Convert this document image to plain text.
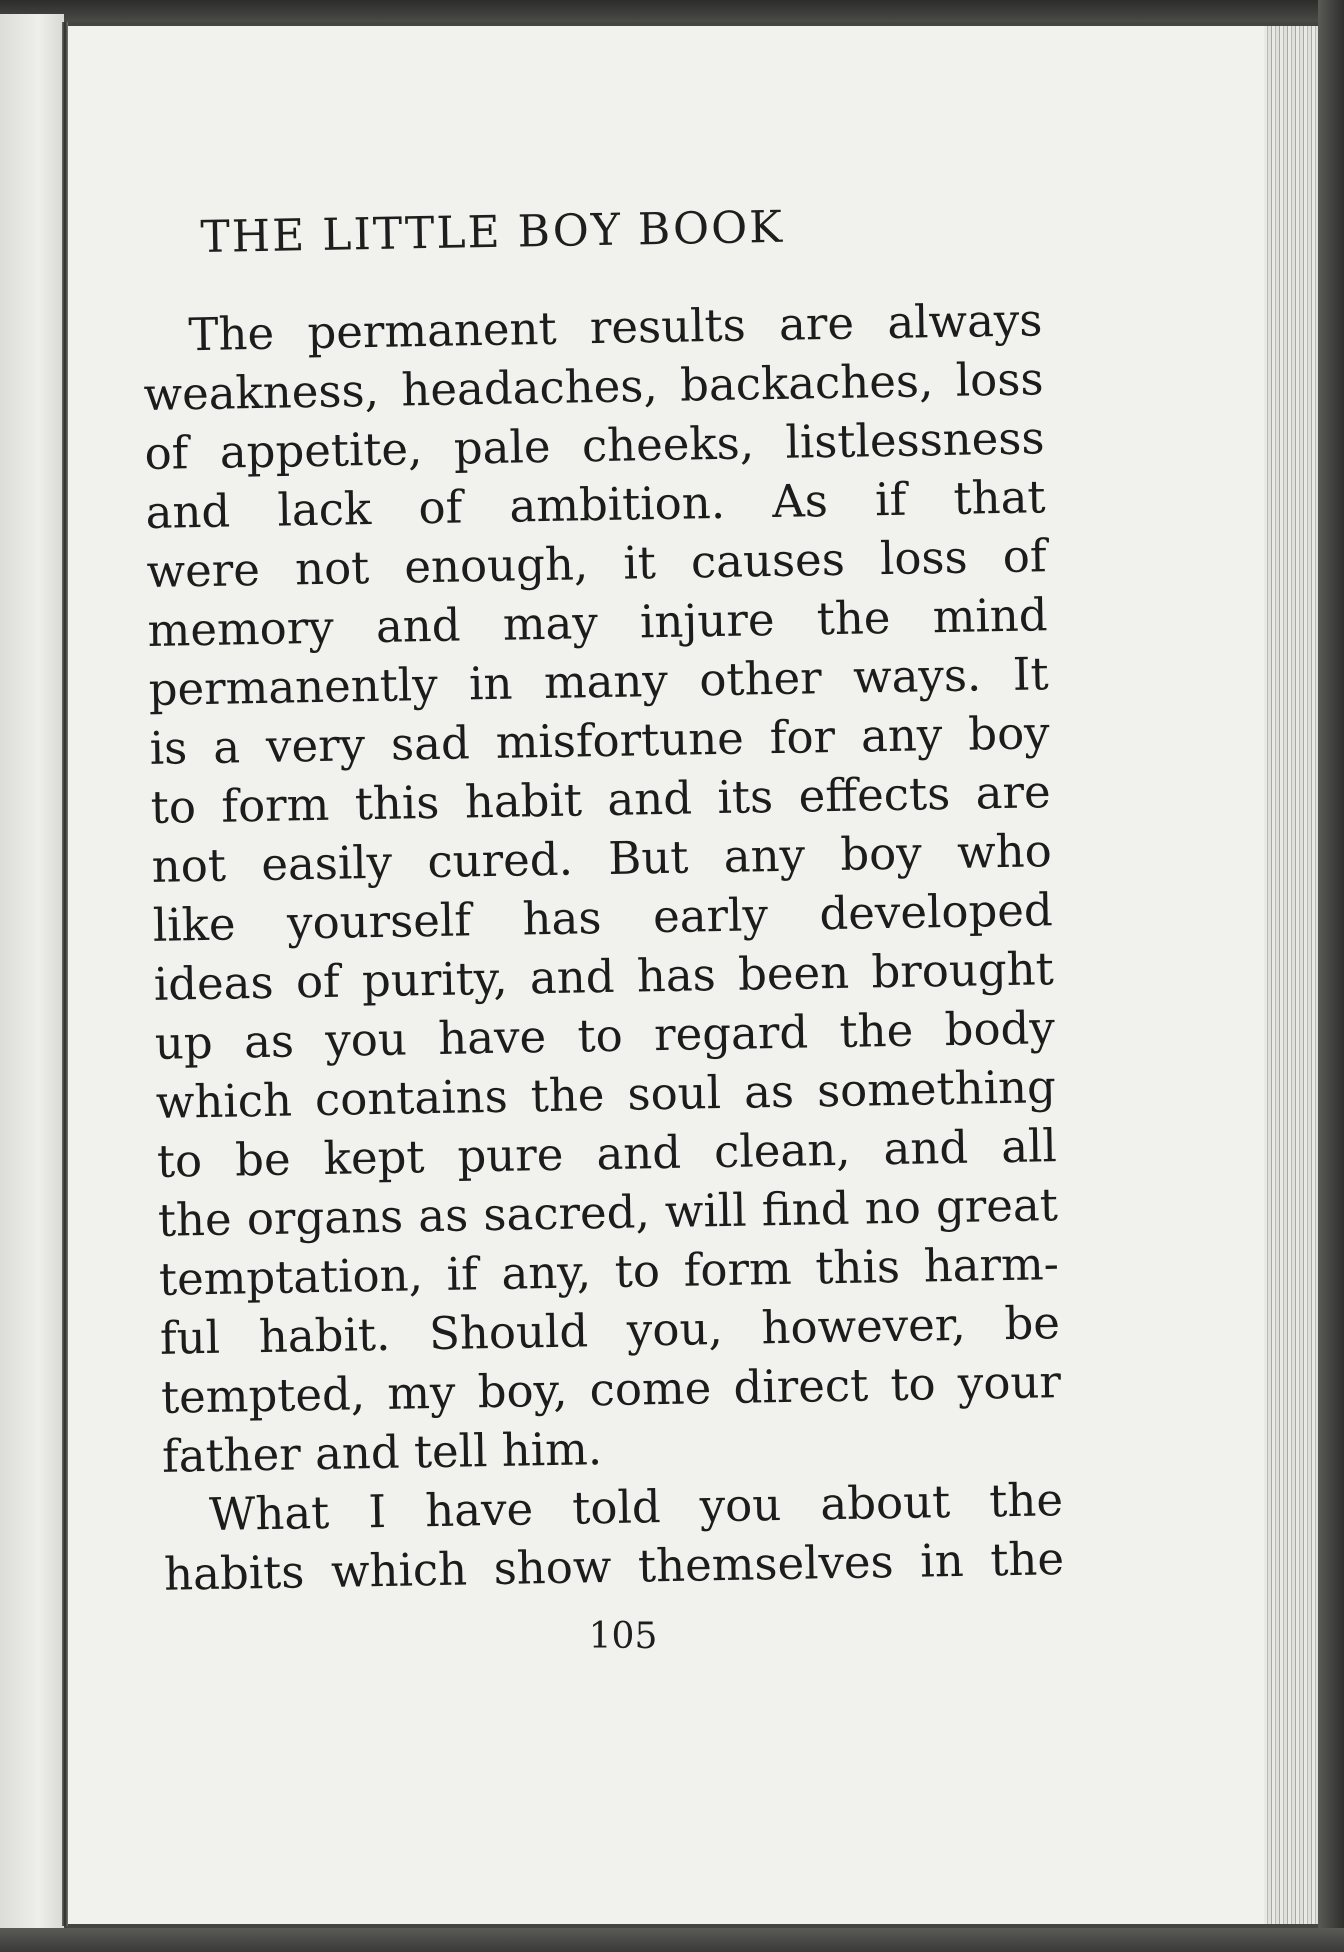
THE LITTLE BOY BOOK
The permanent results are always
weakness, headaches, backaches, loss
of appetite, pale cheeks, listlessness
and lack of ambition. As if that
were not enough, it causes loss of
memory and may injure the mind
permanently in many other ways. It
is a very sad misfortune for any boy
to form this habit and its effects are
not easily cured. But any boy who
like yourself has early developed
ideas of purity, and has been brought
up as you have to regard the body
which contains the soul as something
to be kept pure and clean, and all
the organs as sacred, will find no great
temptation, if any, to form this harm-
ful habit. Should you, however, be
tempted, my boy, come direct to your
father and tell him.
What I have told you about the
habits which show themselves in the

105
